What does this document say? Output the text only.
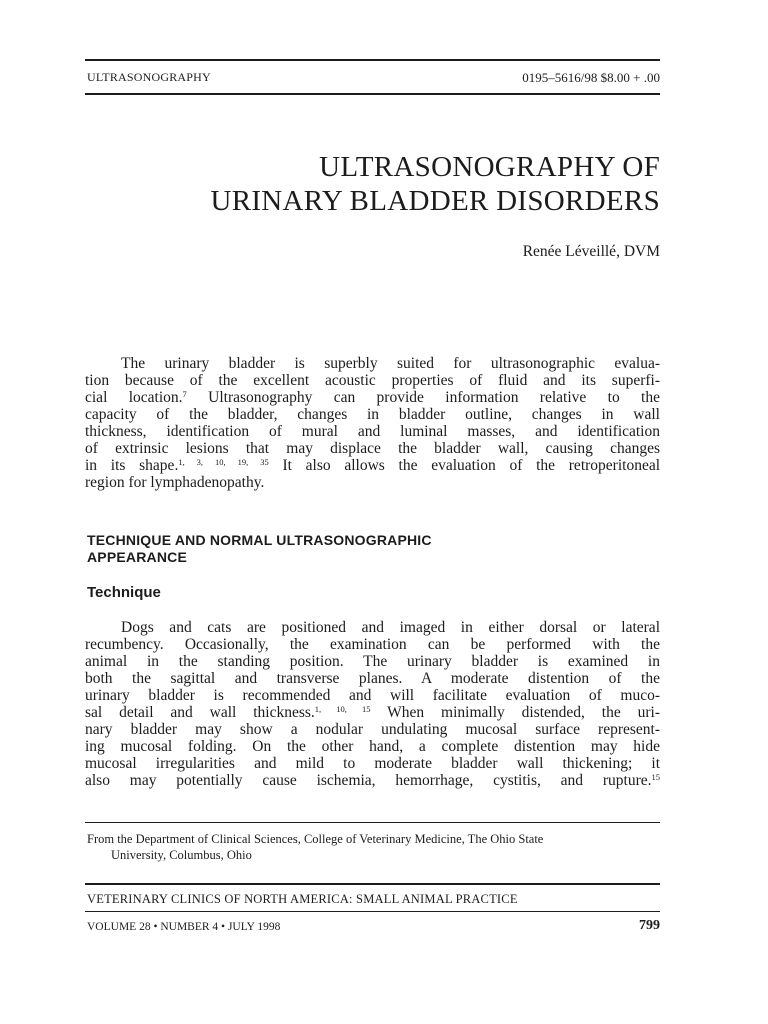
ULTRASONOGRAPHY	0195–5616/98 $8.00 + .00
ULTRASONOGRAPHY OF
URINARY BLADDER DISORDERS
Renée Léveillé, DVM
The urinary bladder is superbly suited for ultrasonographic evalua-
tion because of the excellent acoustic properties of fluid and its superfi-
cial location.$^7$ Ultrasonography can provide information relative to the
capacity of the bladder, changes in bladder outline, changes in wall
thickness, identification of mural and luminal masses, and identification
of extrinsic lesions that may displace the bladder wall, causing changes
in its shape.$^{1, 3, 10, 19, 35}$ It also allows the evaluation of the retroperitoneal
region for lymphadenopathy.
TECHNIQUE AND NORMAL ULTRASONOGRAPHIC
APPEARANCE
Technique
Dogs and cats are positioned and imaged in either dorsal or lateral
recumbency. Occasionally, the examination can be performed with the
animal in the standing position. The urinary bladder is examined in
both the sagittal and transverse planes. A moderate distention of the
urinary bladder is recommended and will facilitate evaluation of muco-
sal detail and wall thickness.$^{1, 10, 15}$ When minimally distended, the uri-
nary bladder may show a nodular undulating mucosal surface represent-
ing mucosal folding. On the other hand, a complete distention may hide
mucosal irregularities and mild to moderate bladder wall thickening; it
also may potentially cause ischemia, hemorrhage, cystitis, and rupture.$^{15}$
From the Department of Clinical Sciences, College of Veterinary Medicine, The Ohio State
University, Columbus, Ohio
VETERINARY CLINICS OF NORTH AMERICA: SMALL ANIMAL PRACTICE
VOLUME 28 • NUMBER 4 • JULY 1998	799
